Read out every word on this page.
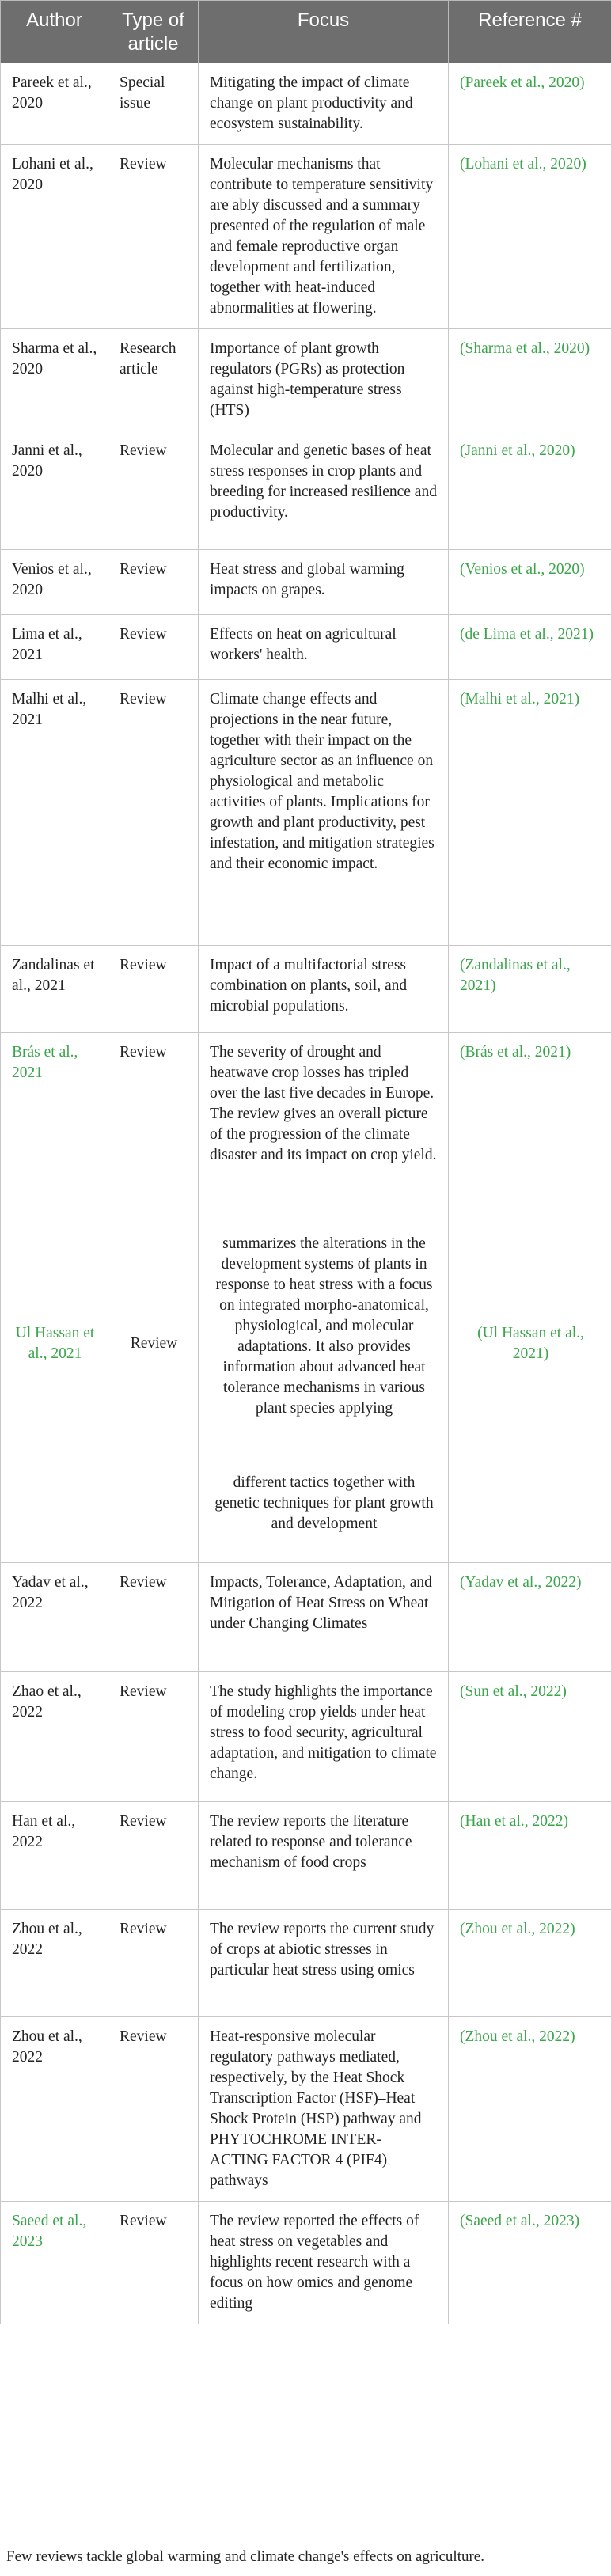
Author	Type of article	Focus	Reference #
Pareek et al., 2020	Special issue	Mitigating the impact of climate change on plant productivity and ecosystem sustainability.	(Pareek et al., 2020)
Lohani et al., 2020	Review	Molecular mechanisms that contribute to temperature sensitivity are ably discussed and a summary presented of the regulation of male and female reproductive organ development and fertilization, together with heat-induced abnormalities at flowering.	(Lohani et al., 2020)
Sharma et al., 2020	Research article	Importance of plant growth regulators (PGRs) as protection against high-temperature stress (HTS)	(Sharma et al., 2020)
Janni et al., 2020	Review	Molecular and genetic bases of heat stress responses in crop plants and breeding for increased resilience and productivity.	(Janni et al., 2020)
Venios et al., 2020	Review	Heat stress and global warming impacts on grapes.	(Venios et al., 2020)
Lima et al., 2021	Review	Effects on heat on agricultural workers' health.	(de Lima et al., 2021)
Malhi et al., 2021	Review	Climate change effects and projections in the near future, together with their impact on the agriculture sector as an influence on physiological and metabolic activities of plants. Implications for growth and plant productivity, pest infestation, and mitigation strategies and their economic impact.	(Malhi et al., 2021)
Zandalinas et al., 2021	Review	Impact of a multifactorial stress combination on plants, soil, and microbial populations.	(Zandalinas et al., 2021)
Brás et al., 2021	Review	The severity of drought and heatwave crop losses has tripled over the last five decades in Europe. The review gives an overall picture of the progression of the climate disaster and its impact on crop yield.	(Brás et al., 2021)
Ul Hassan et al., 2021	Review	summarizes the alterations in the development systems of plants in response to heat stress with a focus on integrated morpho-anatomical, physiological, and molecular adaptations. It also provides information about advanced heat tolerance mechanisms in various plant species applying	(Ul Hassan et al., 2021)
		different tactics together with genetic techniques for plant growth and development	
Yadav et al., 2022	Review	Impacts, Tolerance, Adaptation, and Mitigation of Heat Stress on Wheat under Changing Climates	(Yadav et al., 2022)
Zhao et al., 2022	Review	The study highlights the importance of modeling crop yields under heat stress to food security, agricultural adaptation, and mitigation to climate change.	(Sun et al., 2022)
Han et al., 2022	Review	The review reports the literature related to response and tolerance mechanism of food crops	(Han et al., 2022)
Zhou et al., 2022	Review	The review reports the current study of crops at abiotic stresses in particular heat stress using omics	(Zhou et al., 2022)
Zhou et al., 2022	Review	Heat-responsive molecular regulatory pathways mediated, respectively, by the Heat Shock Transcription Factor (HSF)–Heat Shock Protein (HSP) pathway and PHYTOCHROME INTER-ACTING FACTOR 4 (PIF4) pathways	(Zhou et al., 2022)
Saeed et al., 2023	Review	The review reported the effects of heat stress on vegetables and highlights recent research with a focus on how omics and genome editing	(Saeed et al., 2023)
Few reviews tackle global warming and climate change's effects on agriculture.
